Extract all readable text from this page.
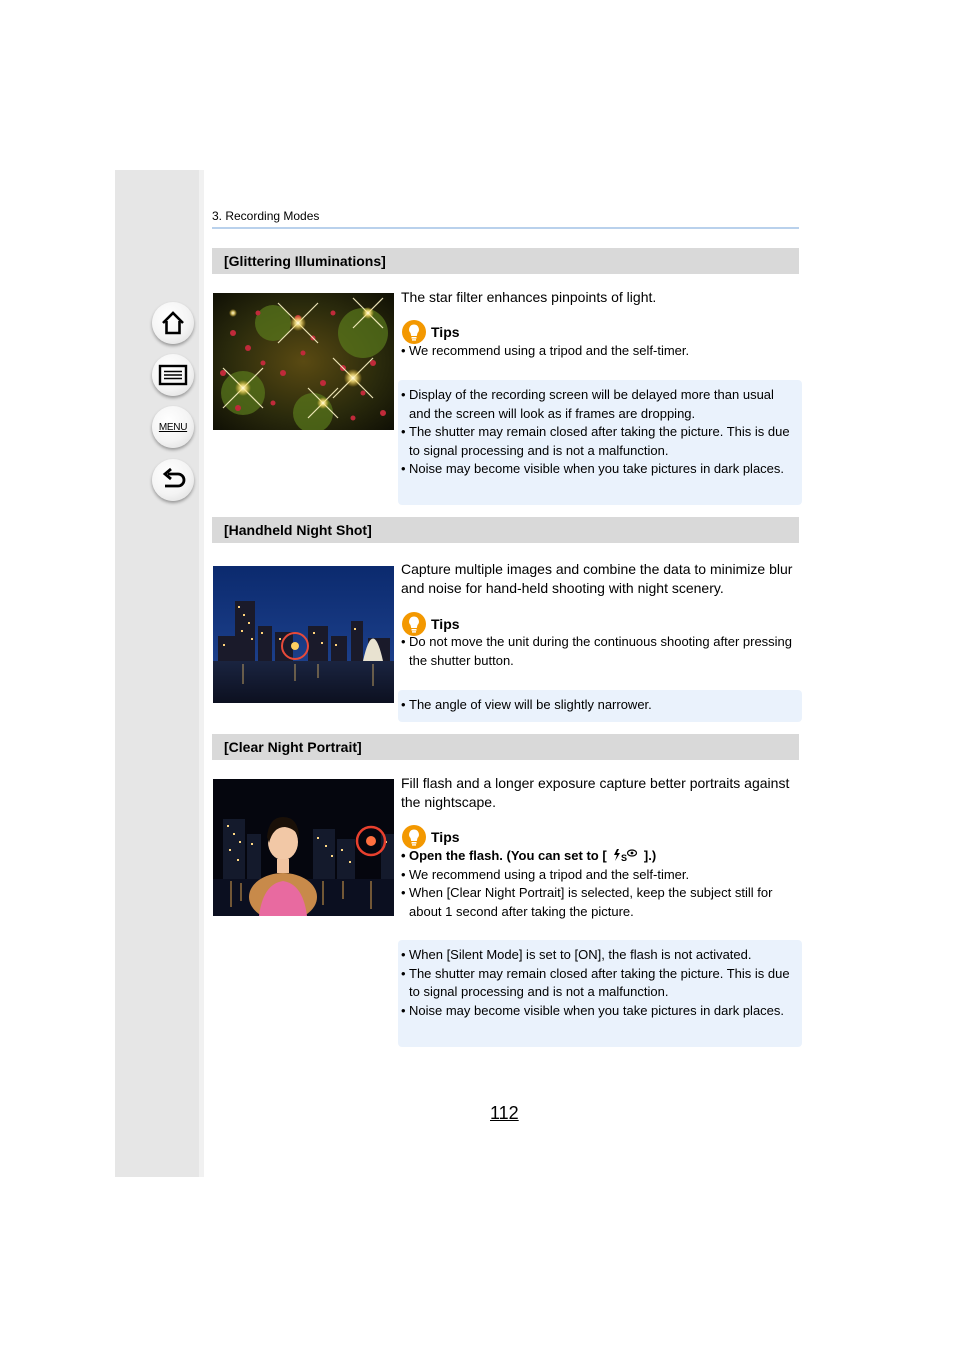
MENU
3. Recording Modes
[Glittering Illuminations]
The star filter enhances pinpoints of light.
Tips
• We recommend using a tripod and the self-timer.
• Display of the recording screen will be delayed more than usual and the screen will look as if frames are dropping.
• The shutter may remain closed after taking the picture. This is due to signal processing and is not a malfunction.
• Noise may become visible when you take pictures in dark places.
[Handheld Night Shot]
Capture multiple images and combine the data to minimize blur and noise for hand-held shooting with night scenery.
Tips
• Do not move the unit during the continuous shooting after pressing the shutter button.
• The angle of view will be slightly narrower.
[Clear Night Portrait]
Fill flash and a longer exposure capture better portraits against the nightscape.
Tips
• Open the flash. (You can set to [ S ].)
• We recommend using a tripod and the self-timer.
• When [Clear Night Portrait] is selected, keep the subject still for about 1 second after taking the picture.
• When [Silent Mode] is set to [ON], the flash is not activated.
• The shutter may remain closed after taking the picture. This is due to signal processing and is not a malfunction.
• Noise may become visible when you take pictures in dark places.
112
